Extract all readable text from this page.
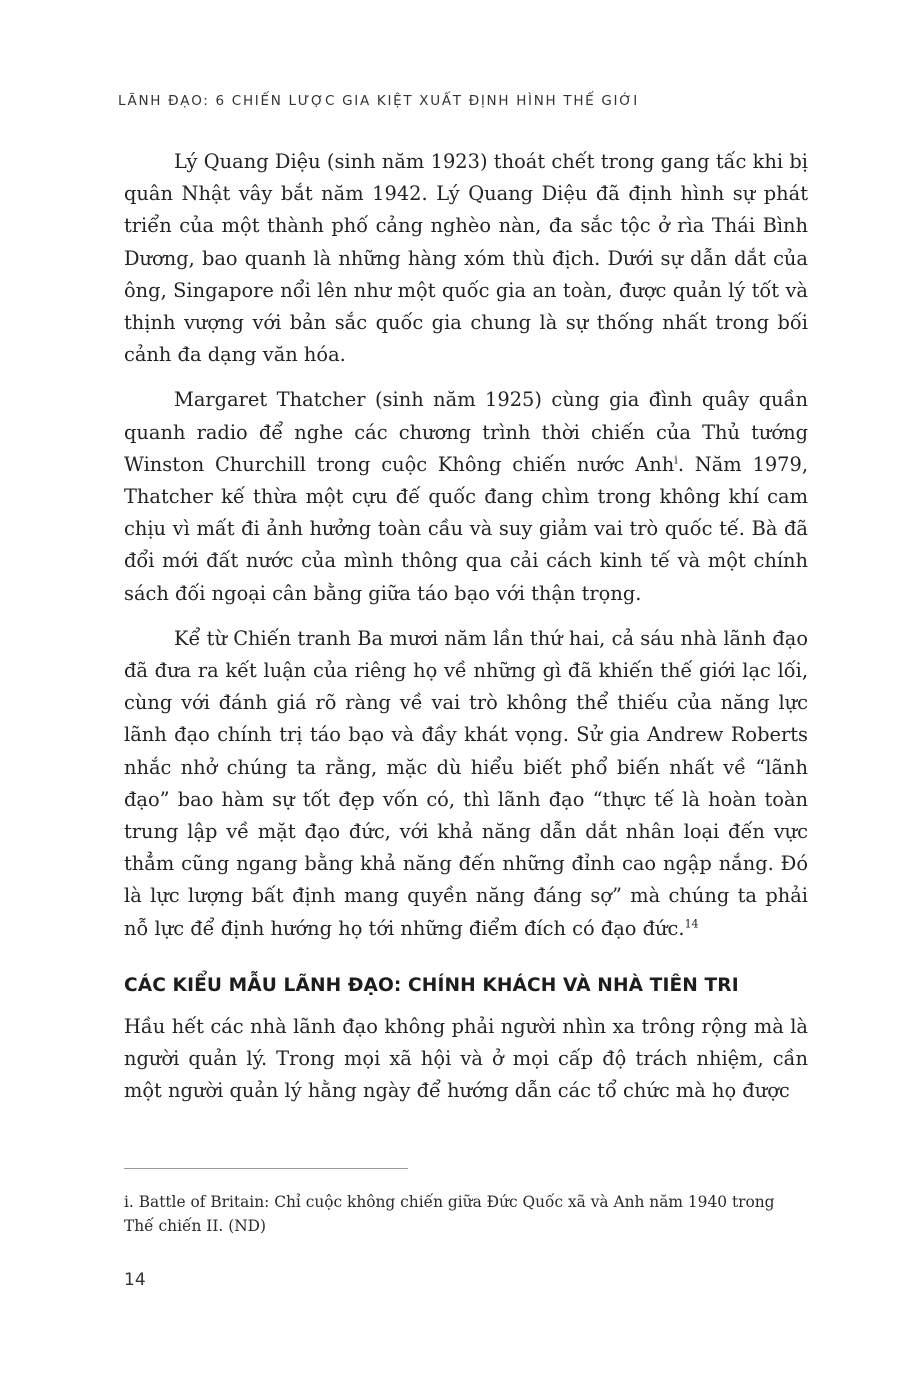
LÃNH ĐẠO: 6 CHIẾN LƯỢC GIA KIỆT XUẤT ĐỊNH HÌNH THẾ GIỚI

Lý Quang Diệu (sinh năm 1923) thoát chết trong gang tấc khi bị quân Nhật vây bắt năm 1942. Lý Quang Diệu đã định hình sự phát triển của một thành phố cảng nghèo nàn, đa sắc tộc ở rìa Thái Bình Dương, bao quanh là những hàng xóm thù địch. Dưới sự dẫn dắt của ông, Singapore nổi lên như một quốc gia an toàn, được quản lý tốt và thịnh vượng với bản sắc quốc gia chung là sự thống nhất trong bối cảnh đa dạng văn hóa.

Margaret Thatcher (sinh năm 1925) cùng gia đình quây quần quanh radio để nghe các chương trình thời chiến của Thủ tướng Winston Churchill trong cuộc Không chiến nước Anh$^i$. Năm 1979, Thatcher kế thừa một cựu đế quốc đang chìm trong không khí cam chịu vì mất đi ảnh hưởng toàn cầu và suy giảm vai trò quốc tế. Bà đã đổi mới đất nước của mình thông qua cải cách kinh tế và một chính sách đối ngoại cân bằng giữa táo bạo với thận trọng.

Kể từ Chiến tranh Ba mươi năm lần thứ hai, cả sáu nhà lãnh đạo đã đưa ra kết luận của riêng họ về những gì đã khiến thế giới lạc lối, cùng với đánh giá rõ ràng về vai trò không thể thiếu của năng lực lãnh đạo chính trị táo bạo và đầy khát vọng. Sử gia Andrew Roberts nhắc nhở chúng ta rằng, mặc dù hiểu biết phổ biến nhất về “lãnh đạo” bao hàm sự tốt đẹp vốn có, thì lãnh đạo “thực tế là hoàn toàn trung lập về mặt đạo đức, với khả năng dẫn dắt nhân loại đến vực thẳm cũng ngang bằng khả năng đến những đỉnh cao ngập nắng. Đó là lực lượng bất định mang quyền năng đáng sợ” mà chúng ta phải nỗ lực để định hướng họ tới những điểm đích có đạo đức.$^{14}$

CÁC KIỂU MẪU LÃNH ĐẠO: CHÍNH KHÁCH VÀ NHÀ TIÊN TRI

Hầu hết các nhà lãnh đạo không phải người nhìn xa trông rộng mà là người quản lý. Trong mọi xã hội và ở mọi cấp độ trách nhiệm, cần một người quản lý hằng ngày để hướng dẫn các tổ chức mà họ được

i. Battle of Britain: Chỉ cuộc không chiến giữa Đức Quốc xã và Anh năm 1940 trong Thế chiến II. (ND)
14
